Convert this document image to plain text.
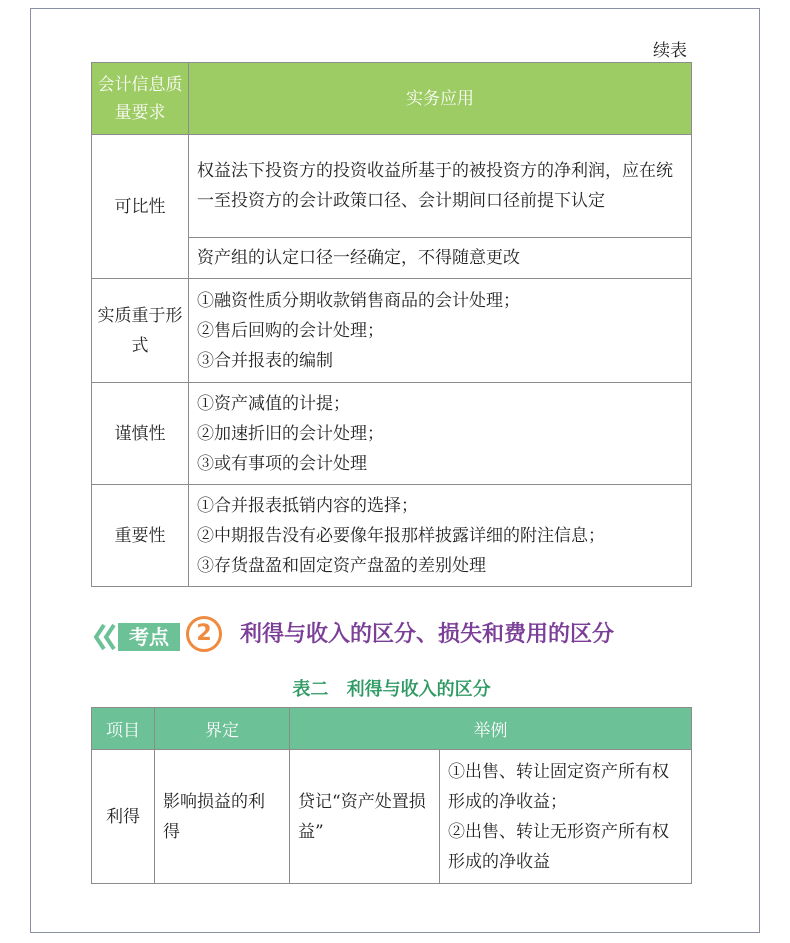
续表
会计信息质量要求	实务应用
可比性	权益法下投资方的投资收益所基于的被投资方的净利润，应在统一至投资方的会计政策口径、会计期间口径前提下认定
	资产组的认定口径一经确定，不得随意更改
实质重于形式	①融资性质分期收款销售商品的会计处理；
②售后回购的会计处理；
③合并报表的编制

谨慎性	①资产减值的计提；
②加速折旧的会计处理；
③或有事项的会计处理

重要性	①合并报表抵销内容的选择；
②中期报告没有必要像年报那样披露详细的附注信息；
③存货盘盈和固定资产盘盈的差别处理
考点	2	利得与收入的区分、损失和费用的区分
表二 利得与收入的区分
项目	界定	举例	
利得	影响损益的利得	贷记“资产处置损益”	①出售、转让固定资产所有权形成的净收益；
②出售、转让无形资产所有权形成的净收益
